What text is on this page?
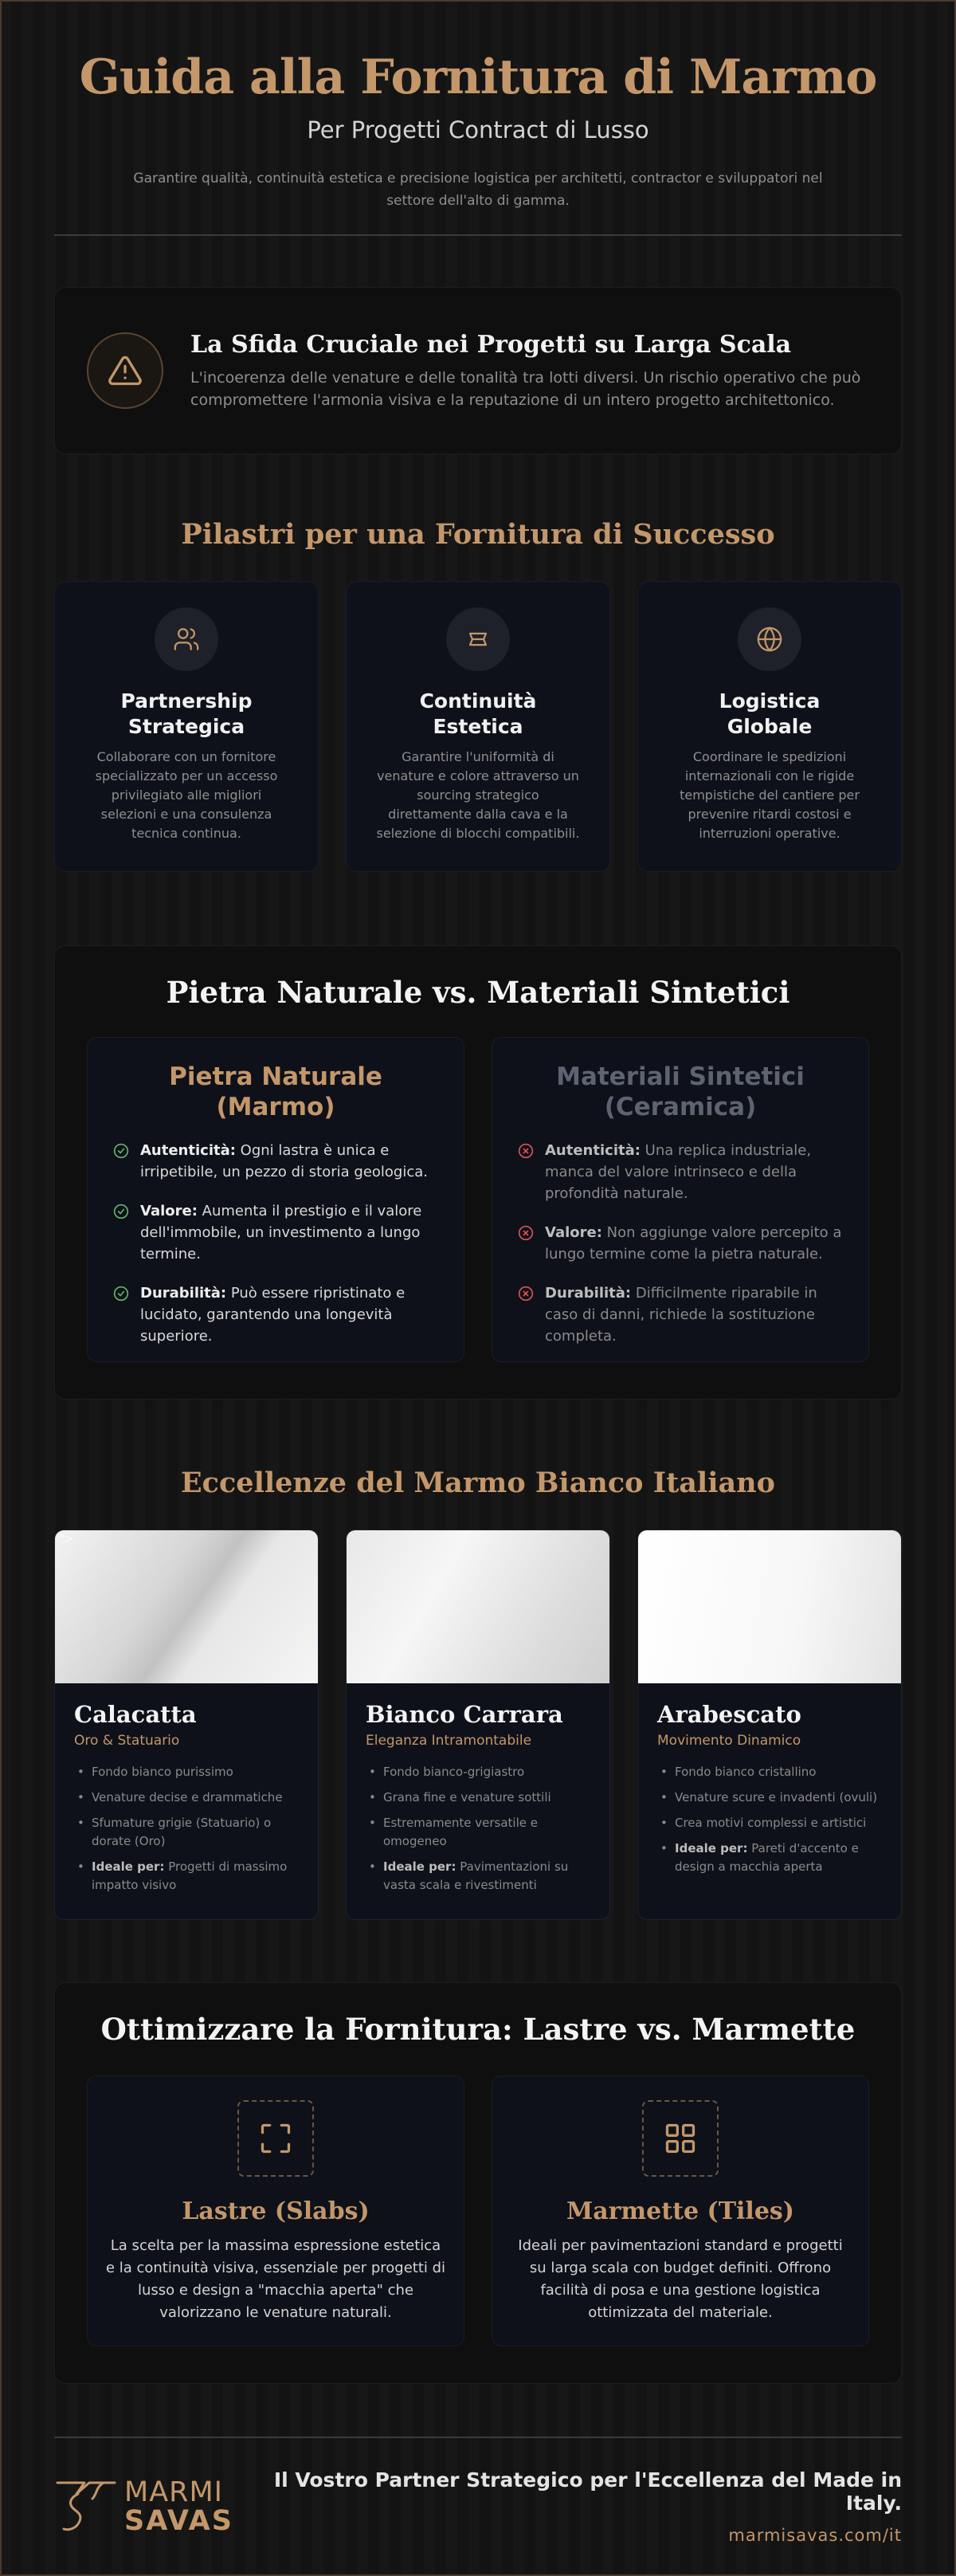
Guida alla Fornitura di Marmo
Per Progetti Contract di Lusso

Garantire qualità, continuità estetica e precisione logistica per architetti, contractor e sviluppatori nel settore dell'alto di gamma.

La Sfida Cruciale nei Progetti su Larga Scala
L'incoerenza delle venature e delle tonalità tra lotti diversi. Un rischio operativo che può compromettere l'armonia visiva e la reputazione di un intero progetto architettonico.
Pilastri per una Fornitura di Successo
Partnership Strategica
Collaborare con un fornitore specializzato per un accesso privilegiato alle migliori selezioni e una consulenza tecnica continua.
Continuità Estetica
Garantire l'uniformità di venature e colore attraverso un sourcing strategico direttamente dalla cava e la selezione di blocchi compatibili.
Logistica Globale
Coordinare le spedizioni internazionali con le rigide tempistiche del cantiere per prevenire ritardi costosi e interruzioni operative.
Pietra Naturale vs. Materiali Sintetici
Pietra Naturale (Marmo)
Autenticità: Ogni lastra è unica e irripetibile, un pezzo di storia geologica.
Valore: Aumenta il prestigio e il valore dell'immobile, un investimento a lungo termine.
Durabilità: Può essere ripristinato e lucidato, garantendo una longevità superiore.
Materiali Sintetici (Ceramica)
Autenticità: Una replica industriale, manca del valore intrinseco e della profondità naturale.
Valore: Non aggiunge valore percepito a lungo termine come la pietra naturale.
Durabilità: Difficilmente riparabile in caso di danni, richiede la sostituzione completa.
Eccellenze del Marmo Bianco Italiano
">
Calacatta
Oro & Statuario
• Fondo bianco purissimo
• Venature decise e drammatiche
• Sfumature grigie (Statuario) o dorate (Oro)
• Ideale per: Progetti di massimo impatto visivo
Bianco Carrara
Eleganza Intramontabile
• Fondo bianco-grigiastro
• Grana fine e venature sottili
• Estremamente versatile e omogeneo
• Ideale per: Pavimentazioni su vasta scala e rivestimenti
Arabescato
Movimento Dinamico
• Fondo bianco cristallino
• Venature scure e invadenti (ovuli)
• Crea motivi complessi e artistici
• Ideale per: Pareti d'accento e design a macchia aperta
Ottimizzare la Fornitura: Lastre vs. Marmette
Lastre (Slabs)
La scelta per la massima espressione estetica e la continuità visiva, essenziale per progetti di lusso e design a "macchia aperta" che valorizzano le venature naturali.
Marmette (Tiles)
Ideali per pavimentazioni standard e progetti su larga scala con budget definiti. Offrono facilità di posa e una gestione logistica ottimizzata del materiale.
MARMI
SAVAS
Il Vostro Partner Strategico per l'Eccellenza del Made in Italy.
marmisavas.com/it
